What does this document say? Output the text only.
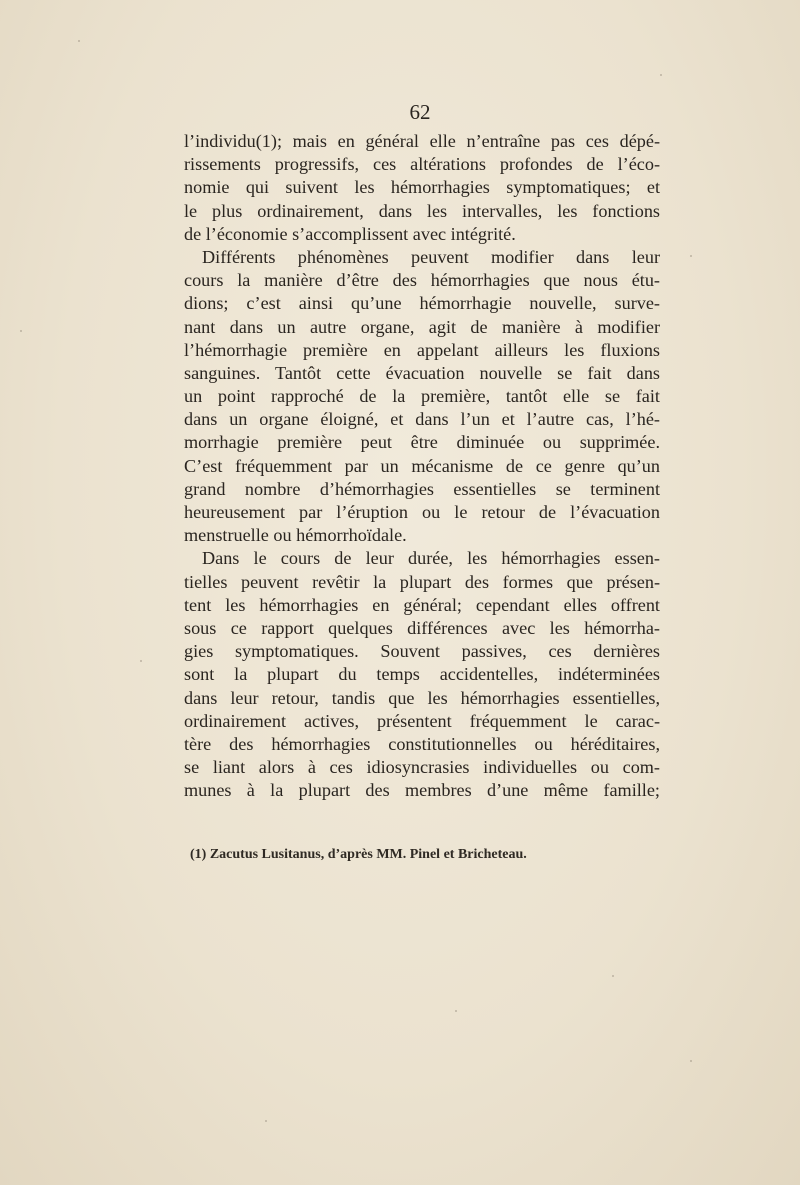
62
l’individu(1); mais en général elle n’entraîne pas ces dépé-
rissements progressifs, ces altérations profondes de l’éco-
nomie qui suivent les hémorrhagies symptomatiques; et
le plus ordinairement, dans les intervalles, les fonctions
de l’économie s’accomplissent avec intégrité.
Différents phénomènes peuvent modifier dans leur
cours la manière d’être des hémorrhagies que nous étu-
dions; c’est ainsi qu’une hémorrhagie nouvelle, surve-
nant dans un autre organe, agit de manière à modifier
l’hémorrhagie première en appelant ailleurs les fluxions
sanguines. Tantôt cette évacuation nouvelle se fait dans
un point rapproché de la première, tantôt elle se fait
dans un organe éloigné, et dans l’un et l’autre cas, l’hé-
morrhagie première peut être diminuée ou supprimée.
C’est fréquemment par un mécanisme de ce genre qu’un
grand nombre d’hémorrhagies essentielles se terminent
heureusement par l’éruption ou le retour de l’évacuation
menstruelle ou hémorrhoïdale.
Dans le cours de leur durée, les hémorrhagies essen-
tielles peuvent revêtir la plupart des formes que présen-
tent les hémorrhagies en général; cependant elles offrent
sous ce rapport quelques différences avec les hémorrha-
gies symptomatiques. Souvent passives, ces dernières
sont la plupart du temps accidentelles, indéterminées
dans leur retour, tandis que les hémorrhagies essentielles,
ordinairement actives, présentent fréquemment le carac-
tère des hémorrhagies constitutionnelles ou héréditaires,
se liant alors à ces idiosyncrasies individuelles ou com-
munes à la plupart des membres d’une même famille;
(1) Zacutus Lusitanus, d’après MM. Pinel et Bricheteau.
